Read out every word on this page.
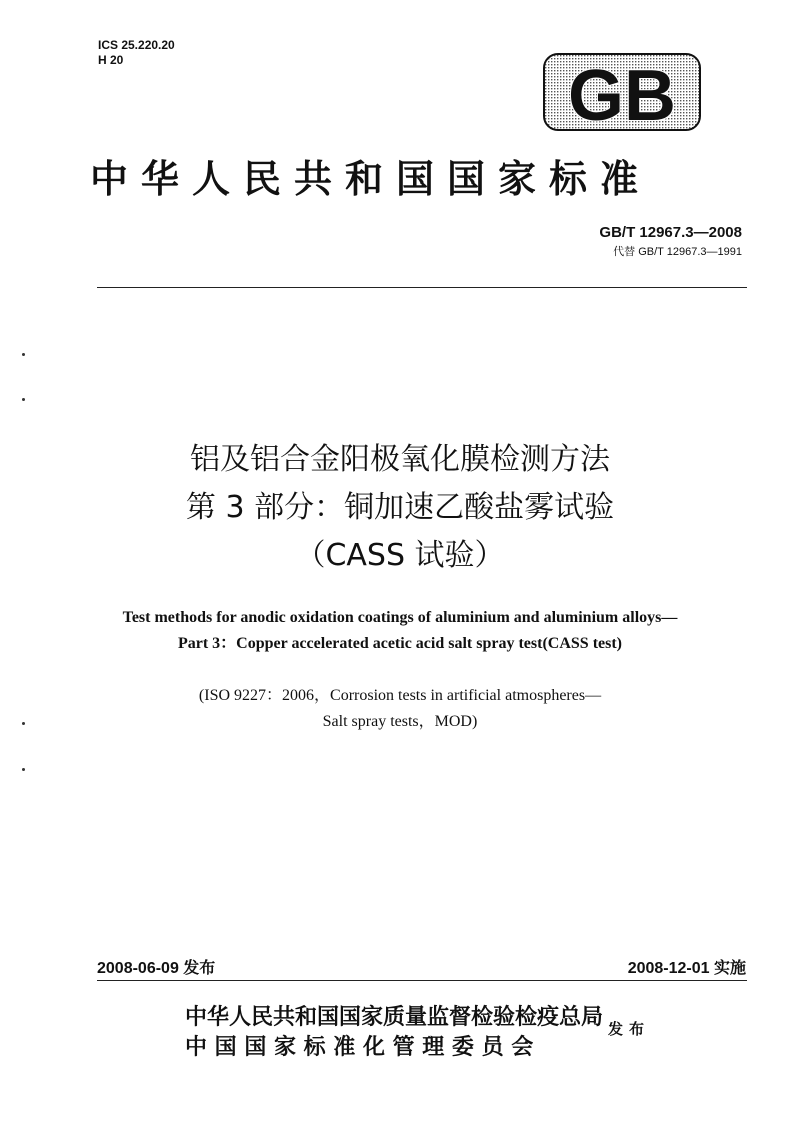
ICS 25.220.20
H 20	GB
中华人民共和国国家标准
GB/T 12967.3—2008
代替 GB/T 12967.3—1991
铝及铝合金阳极氧化膜检测方法
第 3 部分：铜加速乙酸盐雾试验
（CASS 试验）
Test methods for anodic oxidation coatings of aluminium and aluminium alloys—
Part 3：Copper accelerated acetic acid salt spray test(CASS test)
(ISO 9227：2006，Corrosion tests in artificial atmospheres—
Salt spray tests，MOD)
2008-06-09 发布	2008-12-01 实施
中华人民共和国国家质量监督检验检疫总局
中 国 国 家 标 准 化 管 理 委 员 会
发布
